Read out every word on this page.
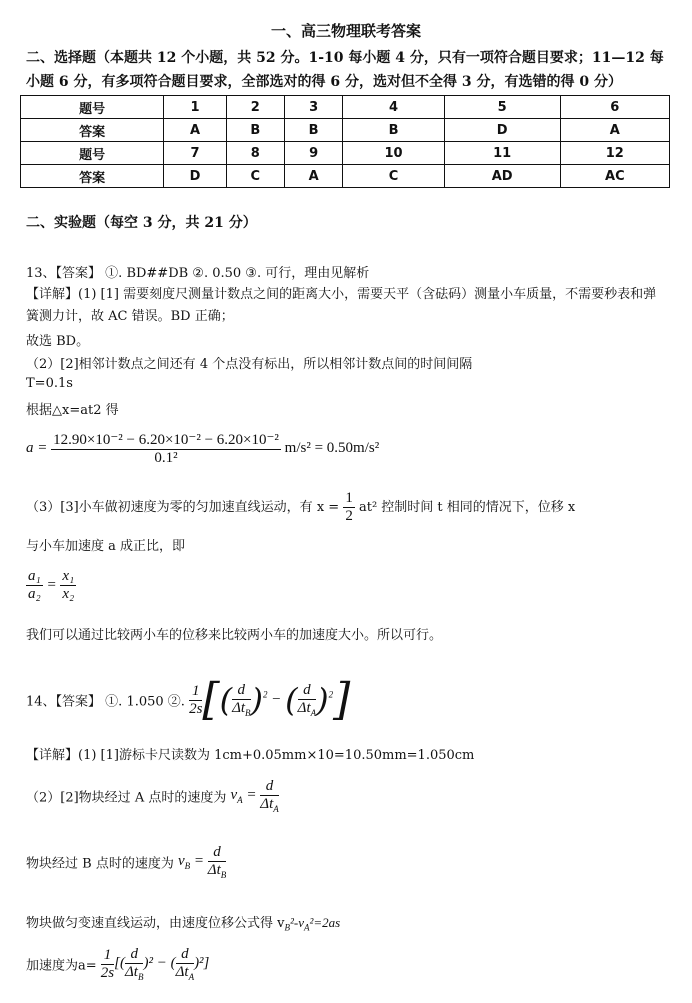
一、高三物理联考答案
二、选择题（本题共 12 个小题，共 52 分。1-10 每小题 4 分，只有一项符合题目要求；11—12 每小题 6 分，有多项符合题目要求，全部选对的得 6 分，选对但不全得 3 分，有选错的得 0 分）
题号	1	2	3	4	5	6
答案	A	B	B	B	D	A
题号	7	8	9	10	11	12
答案	D	C	A	C	AD	AC
二、实验题（每空 3 分，共 21 分）
13、【答案】 ①. BD##DB ②. 0.50 ③. 可行，理由见解析
【详解】(1) [1] 需要刻度尺测量计数点之间的距离大小，需要天平（含砝码）测量小车质量，不需要秒表和弹簧测力计，故 AC 错误。BD 正确；
故选 BD。
（2）[2]相邻计数点之间还有 4 个点没有标出，所以相邻计数点间的时间间隔
T=0.1s
根据△x=at2 得
$a = \frac{\text{12.90×10⁻² − 6.20×10⁻² − 6.20×10⁻²}}{\text{0.1²}} m/s^2 = 0.50m/s^2$
（3）[3]小车做初速度为零的匀加速直线运动，有 $x = \frac{1}{2} at^2$ 控制时间 t 相同的情况下，位移 x
与小车加速度 a 成正比，即
$\frac{\text{a₁}}{\text{a₂}} = \frac{\text{x₁}}{\text{x₂}}$
我们可以通过比较两小车的位移来比较两小车的加速度大小。所以可行。
14、【答案】 ①. 1.050 ②. $\frac{1}{2s}$ [( $\frac{d}{\Delta t_B} )^2$ − ( $\frac{d}{\Delta t_A} )^2$]
【详解】(1) [1]游标卡尺读数为 1cm+0.05mm×10=10.50mm=1.050cm
（2）[2]物块经过 A 点时的速度为 $v_A = \frac{d}{\Delta t_A}$
物块经过 B 点时的速度为 $v_B = \frac{d}{\Delta t_B}$
物块做匀变速直线运动，由速度位移公式得 $v_B^2-v_A^2=2as$
加速度为$a= \frac{1}{2s}$ [( $\frac{d}{\Delta t_B} )^2$ − ( $\frac{d}{\Delta t_A} )^2$]
